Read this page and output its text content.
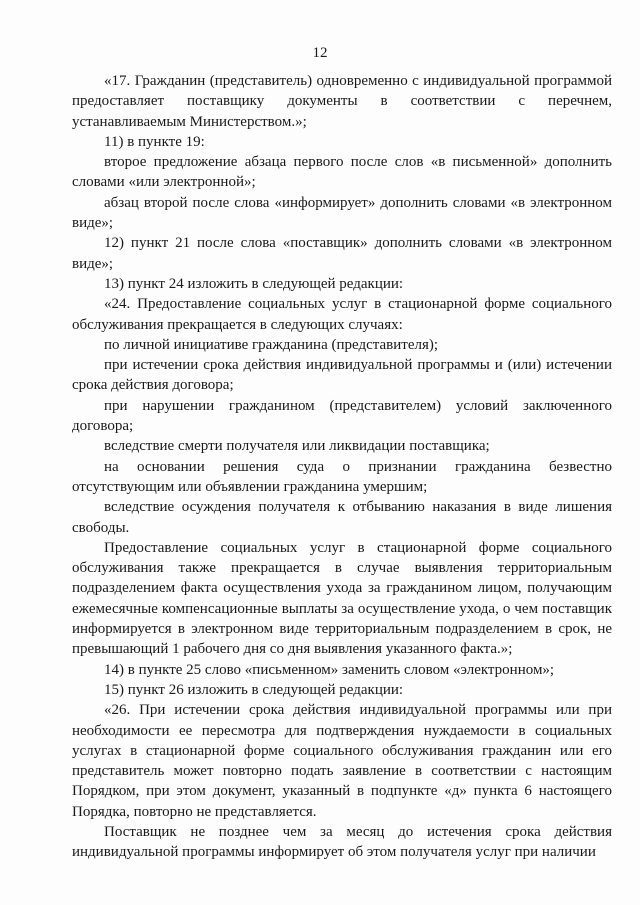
12

«17. Гражданин (представитель) одновременно с индивидуальной программой предоставляет поставщику документы в соответствии с перечнем, устанавливаемым Министерством.»;

11) в пункте 19:

второе предложение абзаца первого после слов «в письменной» дополнить словами «или электронной»;

абзац второй после слова «информирует» дополнить словами «в электронном виде»;

12) пункт 21 после слова «поставщик» дополнить словами «в электронном виде»;

13) пункт 24 изложить в следующей редакции:

«24. Предоставление социальных услуг в стационарной форме социального обслуживания прекращается в следующих случаях:

по личной инициативе гражданина (представителя);

при истечении срока действия индивидуальной программы и (или) истечении срока действия договора;

при нарушении гражданином (представителем) условий заключенного договора;

вследствие смерти получателя или ликвидации поставщика;

на основании решения суда о признании гражданина безвестно отсутствующим или объявлении гражданина умершим;

вследствие осуждения получателя к отбыванию наказания в виде лишения свободы.

Предоставление социальных услуг в стационарной форме социального обслуживания также прекращается в случае выявления территориальным подразделением факта осуществления ухода за гражданином лицом, получающим ежемесячные компенсационные выплаты за осуществление ухода, о чем поставщик информируется в электронном виде территориальным подразделением в срок, не превышающий 1 рабочего дня со дня выявления указанного факта.»;

14) в пункте 25 слово «письменном» заменить словом «электронном»;

15) пункт 26 изложить в следующей редакции:

«26. При истечении срока действия индивидуальной программы или при необходимости ее пересмотра для подтверждения нуждаемости в социальных услугах в стационарной форме социального обслуживания гражданин или его представитель может повторно подать заявление в соответствии с настоящим Порядком, при этом документ, указанный в подпункте «д» пункта 6 настоящего Порядка, повторно не представляется.

Поставщик не позднее чем за месяц до истечения срока действия индивидуальной программы информирует об этом получателя услуг при наличии
